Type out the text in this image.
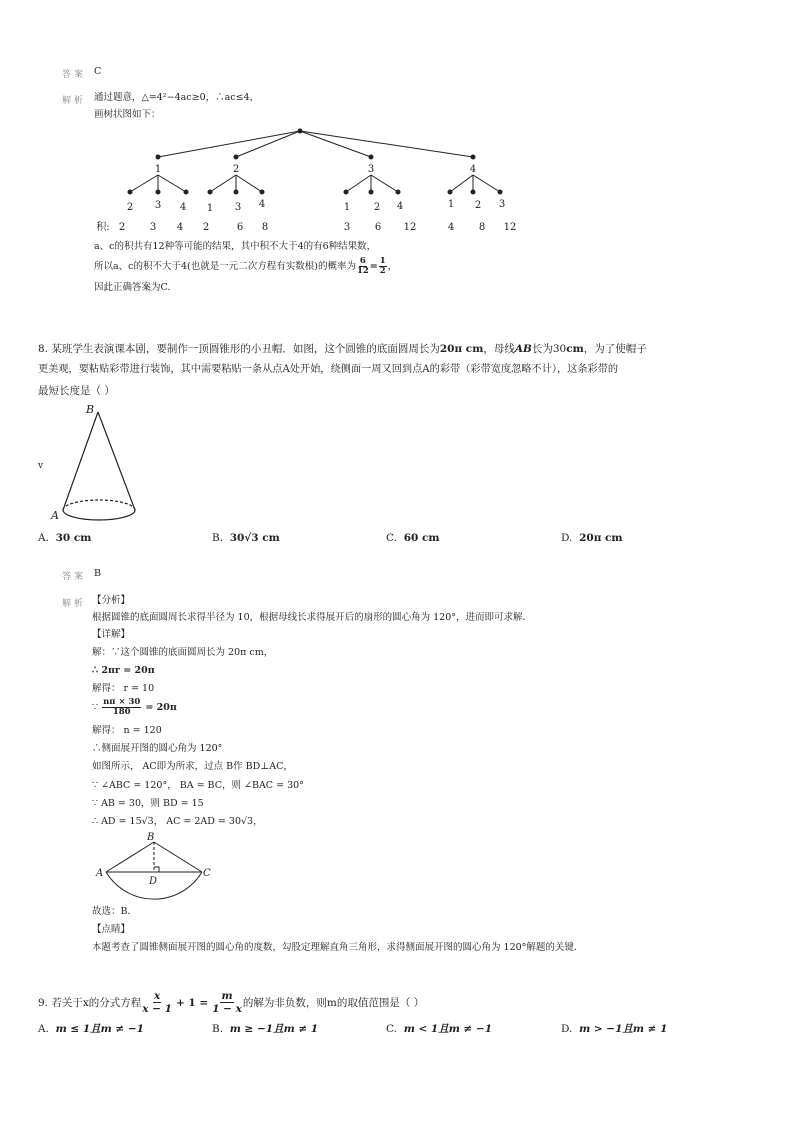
答案 C
解析 通过题意，△=4²−4ac≥0，∴ac≤4，
画树状图如下：
1	2	3	4
2 3 4 1 3 4	1 2 4	1 2 3
积: 2 3 4 2	6 8	3 6 12	4 8 12
a、c的积共有12种等可能的结果，其中积不大于4的有6种结果数，
所以a、c的积不大于4(也就是一元二次方程有实数根)的概率为 $\frac{6}{12} = \frac{1}{2}$ ，
因此正确答案为C.
8. 某班学生表演课本剧，要制作一顶圆锥形的小丑帽．如图，这个圆锥的底面圆周长为20π cm，母线AB长为30cm，为了使帽子
更美观，要粘贴彩带进行装饰，其中需要粘贴一条从点A处开始，绕侧面一周又回到点A的彩带（彩带宽度忽略不计），这条彩带的
最短长度是（ ）
v
B
A
A. 30 cm	B. 30√3 cm	C. 60 cm	D. 20π cm
答案 B
解析 【分析】
根据圆锥的底面圆周长求得半径为 10，根据母线长求得展开后的扇形的圆心角为 120°，进而即可求解．
【详解】
解：∵这个圆锥的底面圆周长为 20π cm，
∴ 2πr = 20π
解得： r = 10
∵
$\frac{n\pi \times 30}{180}$
= 20π
解得： n = 120
∴侧面展开图的圆心角为 120°
如图所示， AC即为所求，过点 B作 BD⊥AC，
∵ ∠ABC = 120°， BA = BC，则 ∠BAC = 30°
∵ AB = 30，则 BD = 15
∴ AD = 15√3， AC = 2AD = 30√3，
B
A	C
D
故选：B．
【点睛】
本题考查了圆锥侧面展开图的圆心角的度数，勾股定理解直角三角形，求得侧面展开图的圆心角为 120°解题的关键．
9. 若关于x的分式方程 $\frac{x}{x - 1} + 1 = \frac{m}{1 - x}$ 的解为非负数，则m的取值范围是（ ）
A. m ≤ 1且m ≠ −1	B. m ≥ −1且m ≠ 1	C. m < 1且m ≠ −1	D. m > −1且m ≠ 1
